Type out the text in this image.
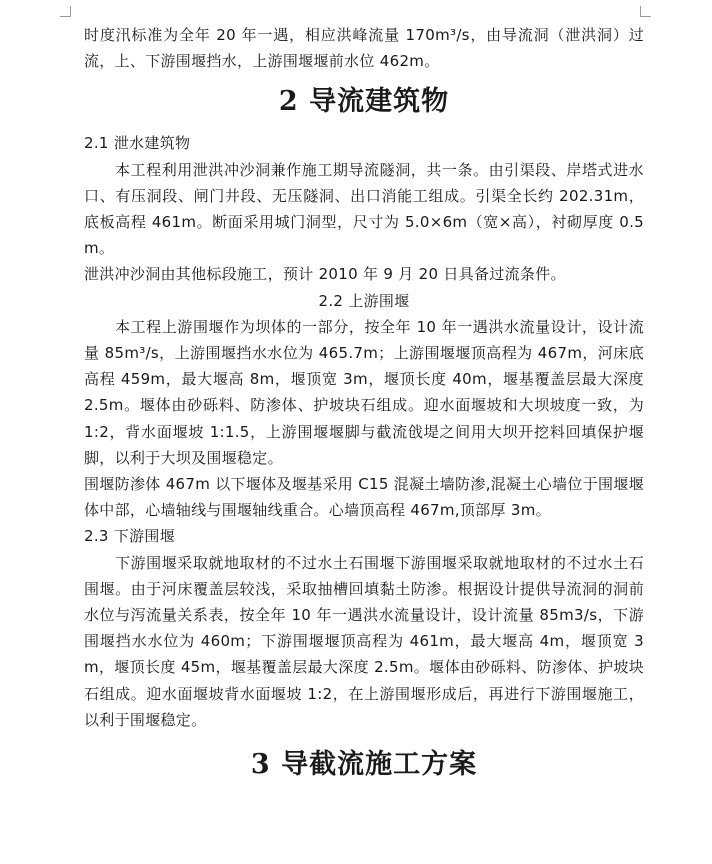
时度汛标准为全年 20 年一遇，相应洪峰流量 170m³/s，由导流洞（泄洪洞）过流，上、下游围堰挡水，上游围堰堰前水位 462m。

2 导流建筑物

2.1 泄水建筑物

本工程利用泄洪冲沙洞兼作施工期导流隧洞，共一条。由引渠段、岸塔式进水口、有压洞段、闸门井段、无压隧洞、出口消能工组成。引渠全长约 202.31m，底板高程 461m。断面采用城门洞型，尺寸为 5.0×6m（宽×高），衬砌厚度 0.5m。

泄洪冲沙洞由其他标段施工，预计 2010 年 9 月 20 日具备过流条件。

2.2 上游围堰

本工程上游围堰作为坝体的一部分，按全年 10 年一遇洪水流量设计，设计流量 85m³/s，上游围堰挡水水位为 465.7m；上游围堰堰顶高程为 467m，河床底高程 459m，最大堰高 8m，堰顶宽 3m，堰顶长度 40m，堰基覆盖层最大深度 2.5m。堰体由砂砾料、防渗体、护坡块石组成。迎水面堰坡和大坝坡度一致，为 1:2，背水面堰坡 1:1.5，上游围堰堰脚与截流戗堤之间用大坝开挖料回填保护堰脚，以利于大坝及围堰稳定。

围堰防渗体 467m 以下堰体及堰基采用 C15 混凝土墙防渗,混凝土心墙位于围堰堰体中部，心墙轴线与围堰轴线重合。心墙顶高程 467m,顶部厚 3m。

2.3 下游围堰

下游围堰采取就地取材的不过水土石围堰下游围堰采取就地取材的不过水土石围堰。由于河床覆盖层较浅，采取抽槽回填黏土防渗。根据设计提供导流洞的洞前水位与泻流量关系表，按全年 10 年一遇洪水流量设计，设计流量 85m3/s，下游围堰挡水水位为 460m；下游围堰堰顶高程为 461m，最大堰高 4m，堰顶宽 3m，堰顶长度 45m，堰基覆盖层最大深度 2.5m。堰体由砂砾料、防渗体、护坡块石组成。迎水面堰坡背水面堰坡 1:2，在上游围堰形成后，再进行下游围堰施工，以利于围堰稳定。

3 导截流施工方案
